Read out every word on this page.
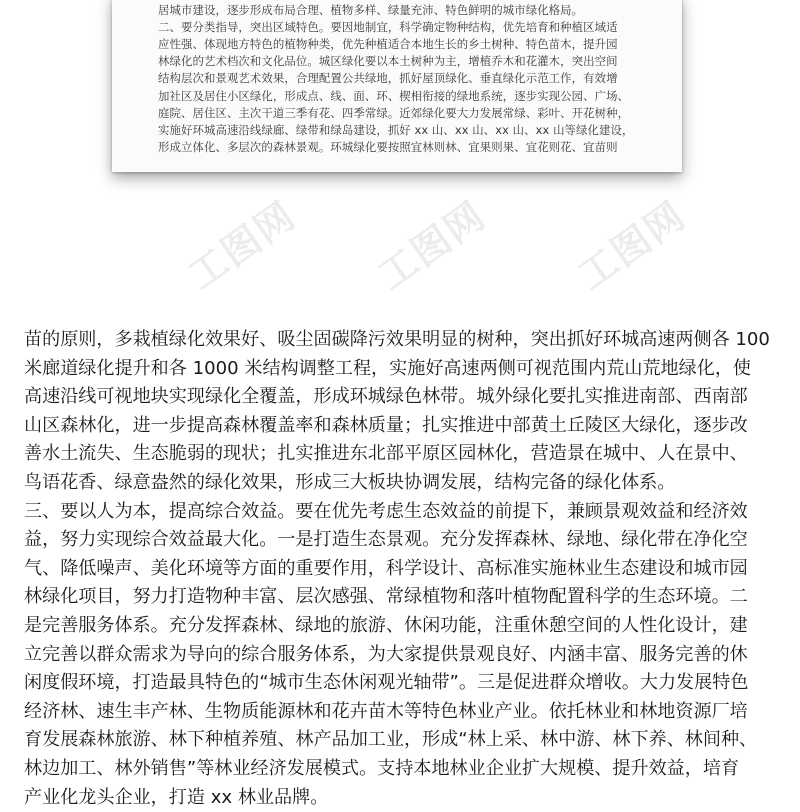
居城市建设，逐步形成布局合理、植物多样、绿量充沛、特色鲜明的城市绿化格局。
二、要分类指导，突出区域特色。要因地制宜，科学确定物种结构，优先培育和种植区域适
应性强、体现地方特色的植物种类，优先种植适合本地生长的乡土树种、特色苗木，提升园
林绿化的艺术档次和文化品位。城区绿化要以本土树种为主，增植乔木和花灌木，突出空间
结构层次和景观艺术效果，合理配置公共绿地，抓好屋顶绿化、垂直绿化示范工作，有效增
加社区及居住小区绿化，形成点、线、面、环、楔相衔接的绿地系统，逐步实现公园、广场、
庭院、居住区、主次干道三季有花、四季常绿。近郊绿化要大力发展常绿、彩叶、开花树种，
实施好环城高速沿线绿廊、绿带和绿岛建设，抓好 xx 山、xx 山、xx 山、xx 山等绿化建设，
形成立体化、多层次的森林景观。环城绿化要按照宜林则林、宜果则果、宜花则花、宜苗则
工图网 工图网 工图网
苗的原则，多栽植绿化效果好、吸尘固碳降污效果明显的树种，突出抓好环城高速两侧各 100
米廊道绿化提升和各 1000 米结构调整工程，实施好高速两侧可视范围内荒山荒地绿化，使
高速沿线可视地块实现绿化全覆盖，形成环城绿色林带。城外绿化要扎实推进南部、西南部
山区森林化，进一步提高森林覆盖率和森林质量；扎实推进中部黄土丘陵区大绿化，逐步改
善水土流失、生态脆弱的现状；扎实推进东北部平原区园林化，营造景在城中、人在景中、
鸟语花香、绿意盎然的绿化效果，形成三大板块协调发展，结构完备的绿化体系。
三、要以人为本，提高综合效益。要在优先考虑生态效益的前提下，兼顾景观效益和经济效
益，努力实现综合效益最大化。一是打造生态景观。充分发挥森林、绿地、绿化带在净化空
气、降低噪声、美化环境等方面的重要作用，科学设计、高标准实施林业生态建设和城市园
林绿化项目，努力打造物种丰富、层次感强、常绿植物和落叶植物配置科学的生态环境。二
是完善服务体系。充分发挥森林、绿地的旅游、休闲功能，注重休憩空间的人性化设计，建
立完善以群众需求为导向的综合服务体系，为大家提供景观良好、内涵丰富、服务完善的休
闲度假环境，打造最具特色的“城市生态休闲观光轴带”。三是促进群众增收。大力发展特色
经济林、速生丰产林、生物质能源林和花卉苗木等特色林业产业。依托林业和林地资源厂培
育发展森林旅游、林下种植养殖、林产品加工业，形成“林上采、林中游、林下养、林间种、
林边加工、林外销售”等林业经济发展模式。支持本地林业企业扩大规模、提升效益，培育
产业化龙头企业，打造 xx 林业品牌。
